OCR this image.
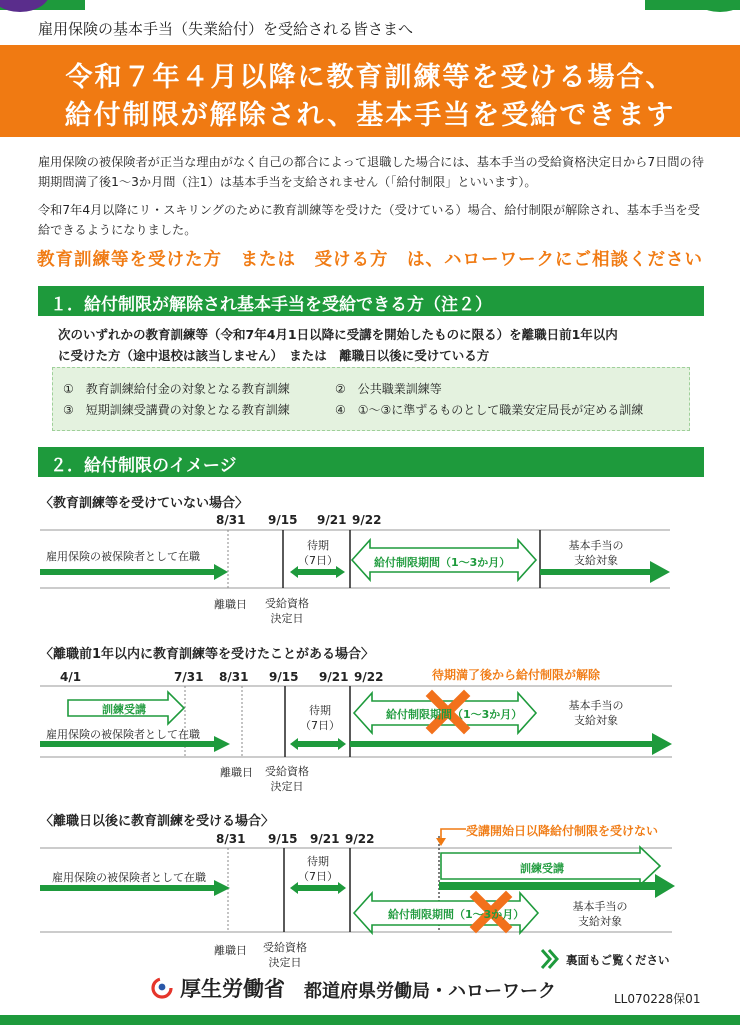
雇用保険の基本手当（失業給付）を受給される皆さまへ
令和７年４月以降に教育訓練等を受ける場合、
給付制限が解除され、基本手当を受給できます
雇用保険の被保険者が正当な理由がなく自己の都合によって退職した場合には、基本手当の受給資格決定日から7日間の待期期間満了後1～3か月間（注1）は基本手当を支給されません（「給付制限」といいます）。
令和7年4月以降にリ・スキリングのために教育訓練等を受けた（受けている）場合、給付制限が解除され、基本手当を受給できるようになりました。
教育訓練等を受けた方　または　受ける方　は、ハローワークにご相談ください
１．給付制限が解除され基本手当を受給できる方（注２）
次のいずれかの教育訓練等（令和7年4月1日以降に受講を開始したものに限る）を離職日前1年以内
に受けた方（途中退校は該当しません）　または　離職日以後に受けている方
①　教育訓練給付金の対象となる教育訓練	②　公共職業訓練等
③　短期訓練受講費の対象となる教育訓練	④　①～③に準ずるものとして職業安定局長が定める訓練
２．給付制限のイメージ
〈教育訓練等を受けていない場合〉
8/31 9/15 9/21 9/22
雇用保険の被保険者として在職
待期
（7日）	給付制限期間（1～3か月）
基本手当の
支給対象
離職日	受給資格
決定日
〈離職前1年以内に教育訓練等を受けたことがある場合〉
待期満了後から給付制限が解除
4/1	7/31 8/31 9/15 9/21 9/22
訓練受講
雇用保険の被保険者として在職
待期
（7日）
給付制限期間（1～3か月）
基本手当の
支給対象
離職日	受給資格
決定日
〈離職日以後に教育訓練を受ける場合〉
受講開始日以降給付制限を受けない
8/31 9/15 9/21 9/22
訓練受講
雇用保険の被保険者として在職
待期
（7日）
給付制限期間（1～3か月）
基本手当の
支給対象
離職日	受給資格
決定日	裏面もご覧ください
厚生労働省 都道府県労働局・ハローワーク	LL070228保01
